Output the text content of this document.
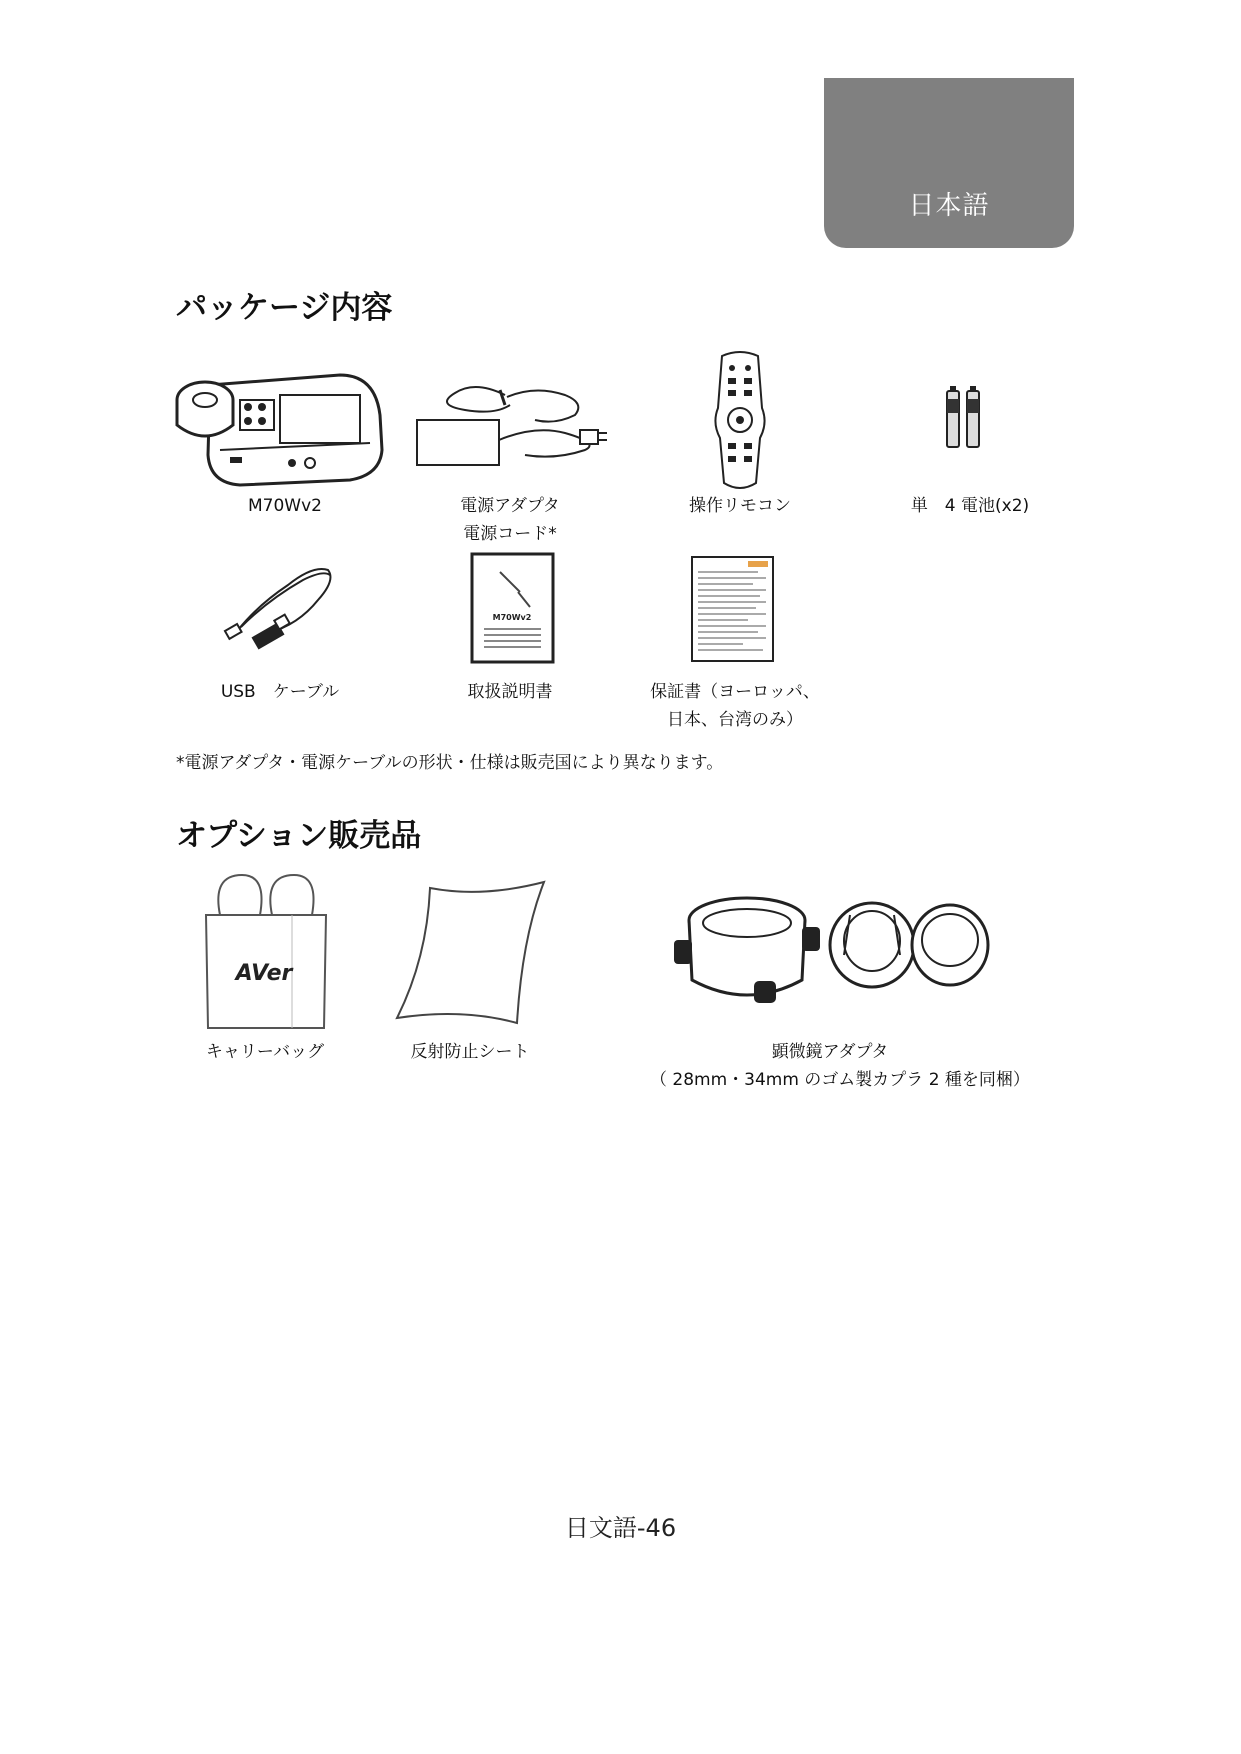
日本語
パッケージ内容
M70Wv2	電源アダプタ
電源コード*
操作リモコン	単　4 電池(x2)
USB　ケーブル
M70Wv2
取扱説明書	保証書（ヨーロッパ、
日本、台湾のみ）
*電源アダプタ・電源ケーブルの形状・仕様は販売国により異なります。
オプション販売品
AVer
キャリーバッグ	反射防止シート	顕微鏡アダプタ
（ 28mm・34mm のゴム製カプラ 2 種を同梱）
日文語-46
